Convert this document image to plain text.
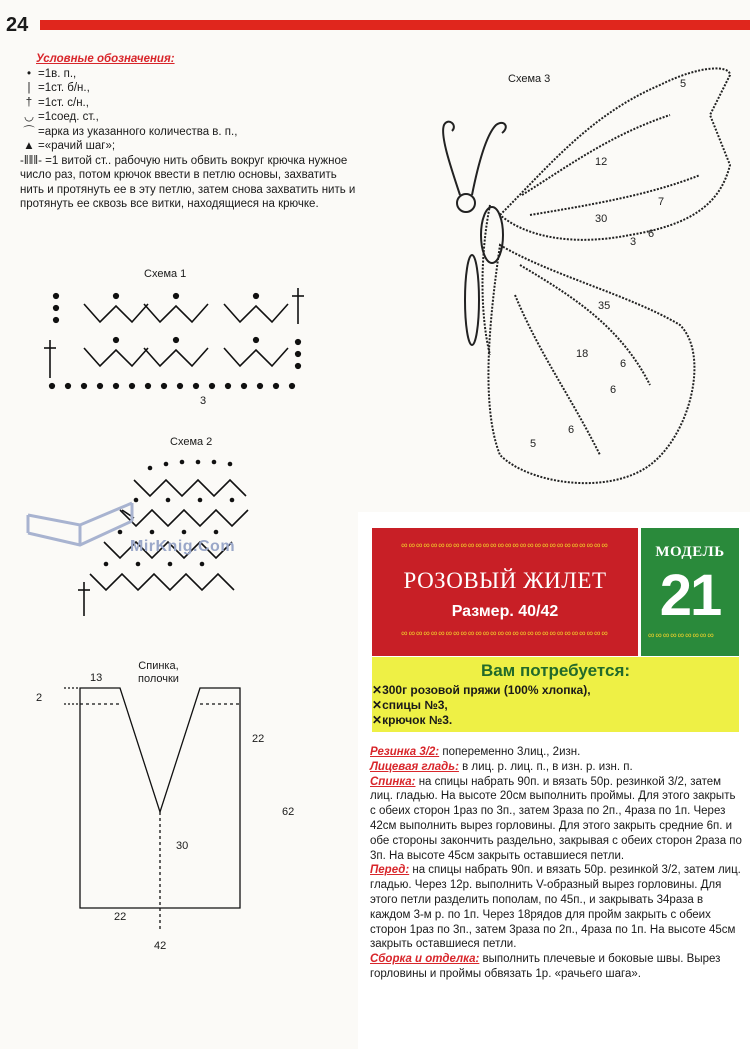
24
Условные обозначения:
• =1в. п.,
| =1ст. б/н.,
† =1ст. с/н.,
◡ =1соед. ст.,
⌒ =арка из указанного количества в. п.,
▲ =«рачий шаг»;
-‖‖‖- =1 витой ст.. рабочую нить обвить вокруг крючка нужное число раз, потом крючок ввести в петлю основы, захватить нить и протянуть ее в эту петлю, затем снова захватить нить и протянуть ее сквозь все витки, находящиеся на крючке.
Схема 1
3
Схема 2
MirKnig.Com
Схема 3	5
12
7
30
6
3
35
18
6
6
6
5
Спинка,
полочки
13
2
22
62
30
22
42
∞∞∞∞∞∞∞∞∞∞∞∞∞∞∞∞∞∞∞∞∞∞∞∞∞∞∞∞
РОЗОВЫЙ ЖИЛЕТ
Размер. 40/42
∞∞∞∞∞∞∞∞∞∞∞∞∞∞∞∞∞∞∞∞∞∞∞∞∞∞∞∞
МОДЕЛЬ
21
∞∞∞∞∞∞∞∞∞
Вам потребуется:
✕300г розовой пряжи (100% хлопка),
✕спицы №3,
✕крючок №3.

Резинка 3/2: попеременно 3лиц., 2изн.

Лицевая гладь: в лиц. р. лиц. п., в изн. р. изн. п.

Спинка: на спицы набрать 90п. и вязать 50р. резинкой 3/2, затем лиц. гладью. На высоте 20см выполнить проймы. Для этого закрыть с обеих сторон 1раз по 3п., затем 3раза по 2п., 4раза по 1п. Через 42см выполнить вырез горловины. Для этого закрыть средние 6п. и обе стороны закончить раздельно, закрывая с обеих сторон 2раза по 3п. На высоте 45см закрыть оставшиеся петли.

Перед: на спицы набрать 90п. и вязать 50р. резинкой 3/2, затем лиц. гладью. Через 12р. выполнить V-образный вырез горловины. Для этого петли разделить пополам, по 45п., и закрывать 34раза в каждом 3-м р. по 1п. Через 18рядов для пройм закрыть с обеих сторон 1раз по 3п., затем 3раза по 2п., 4раза по 1п. На высоте 45см закрыть оставшиеся петли.

Сборка и отделка: выполнить плечевые и боковые швы. Вырез горловины и проймы обвязать 1р. «рачьего шага».
